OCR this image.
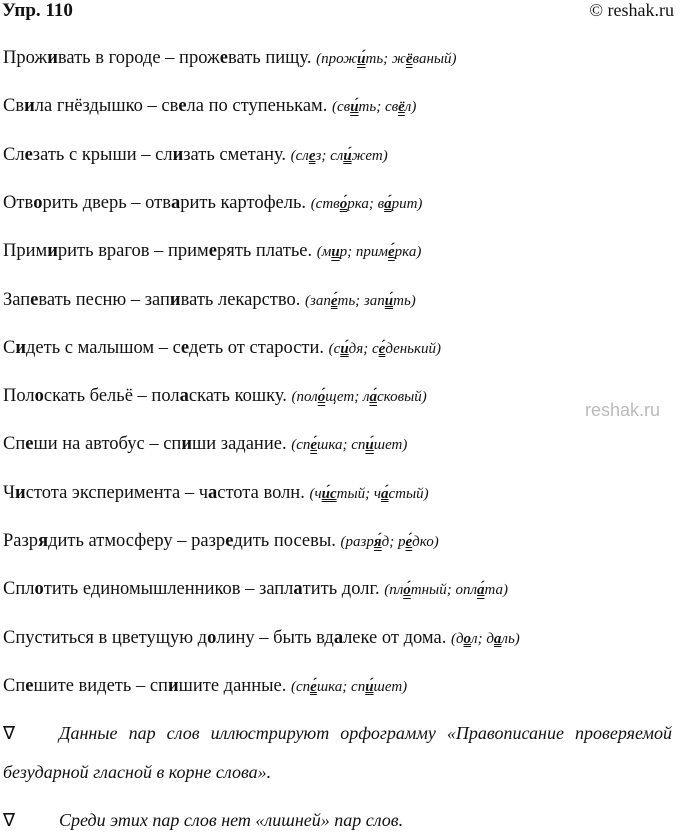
Упр. 110	© reshak.ru
reshak.ru
Проживать в городе – прожевать пищу. (прожи́ть; жёваный)
Свила гнёздышко – свела по ступенькам. (сви́ть; свёл)
Слезать с крыши – слизать сметану. (слез; сли́жет)
Отворить дверь – отварить картофель. (ство́рка; ва́рит)
Примирить врагов – примерять платье. (мир; приме́рка)
Запевать песню – запивать лекарство. (запе́ть; запи́ть)
Сидеть с малышом – седеть от старости. (си́дя; се́денький)
Полоскать бельё – поласкать кошку. (поло́щет; ла́сковый)
Спеши на автобус – спиши задание. (спе́шка; спи́шет)
Чистота эксперимента – частота волн. (чи́стый; ча́стый)
Разрядить атмосферу – разредить посевы. (разря́д; ре́дко)
Сплотить единомышленников – заплатить долг. (пло́тный; опла́та)
Спуститься в цветущую долину – быть вдалеке от дома. (дол; даль)
Спешите видеть – спишите данные. (спе́шка; спи́шет)
∇ Данные пар слов иллюстрируют орфограмму «Правописание проверяемой безударной гласной в корне слова».
∇ Среди этих пар слов нет «лишней» пар слов.
